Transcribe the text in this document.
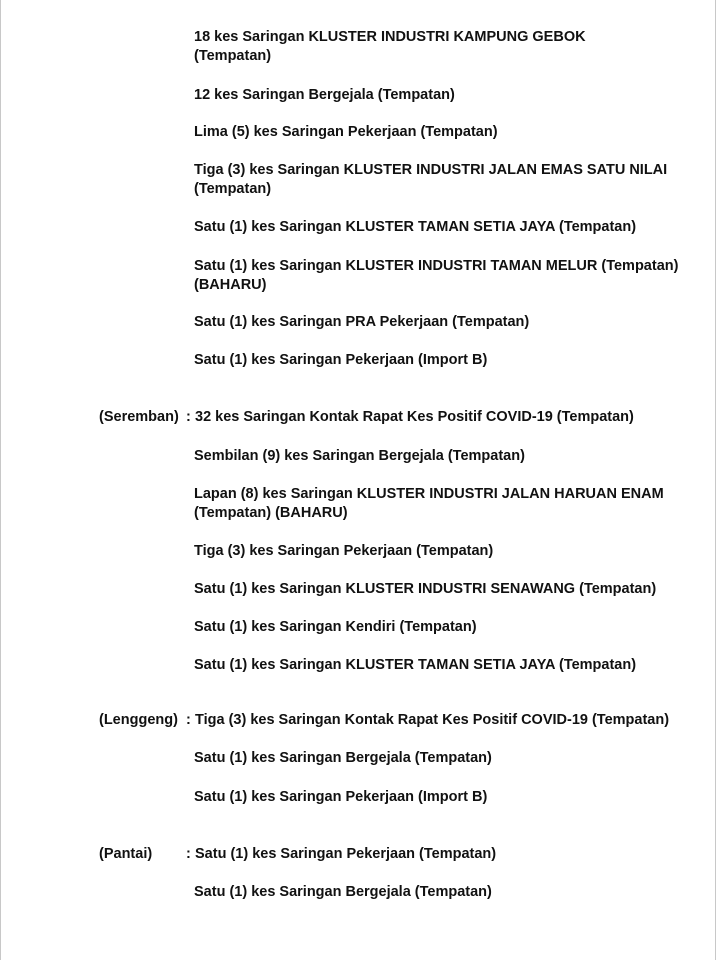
18 kes Saringan KLUSTER INDUSTRI KAMPUNG GEBOK
(Tempatan)
12 kes Saringan Bergejala (Tempatan)
Lima (5) kes Saringan Pekerjaan (Tempatan)
Tiga (3) kes Saringan KLUSTER INDUSTRI JALAN EMAS SATU NILAI
(Tempatan)
Satu (1) kes Saringan KLUSTER TAMAN SETIA JAYA (Tempatan)
Satu (1) kes Saringan KLUSTER INDUSTRI TAMAN MELUR (Tempatan)
(BAHARU)
Satu (1) kes Saringan PRA Pekerjaan (Tempatan)
Satu (1) kes Saringan Pekerjaan (Import B)
(Seremban) : 32 kes Saringan Kontak Rapat Kes Positif COVID-19 (Tempatan)
Sembilan (9) kes Saringan Bergejala (Tempatan)
Lapan (8) kes Saringan KLUSTER INDUSTRI JALAN HARUAN ENAM
(Tempatan) (BAHARU)
Tiga (3) kes Saringan Pekerjaan (Tempatan)
Satu (1) kes Saringan KLUSTER INDUSTRI SENAWANG (Tempatan)
Satu (1) kes Saringan Kendiri (Tempatan)
Satu (1) kes Saringan KLUSTER TAMAN SETIA JAYA (Tempatan)
(Lenggeng) : Tiga (3) kes Saringan Kontak Rapat Kes Positif COVID-19 (Tempatan)
Satu (1) kes Saringan Bergejala (Tempatan)
Satu (1) kes Saringan Pekerjaan (Import B)
(Pantai) : Satu (1) kes Saringan Pekerjaan (Tempatan)
Satu (1) kes Saringan Bergejala (Tempatan)
